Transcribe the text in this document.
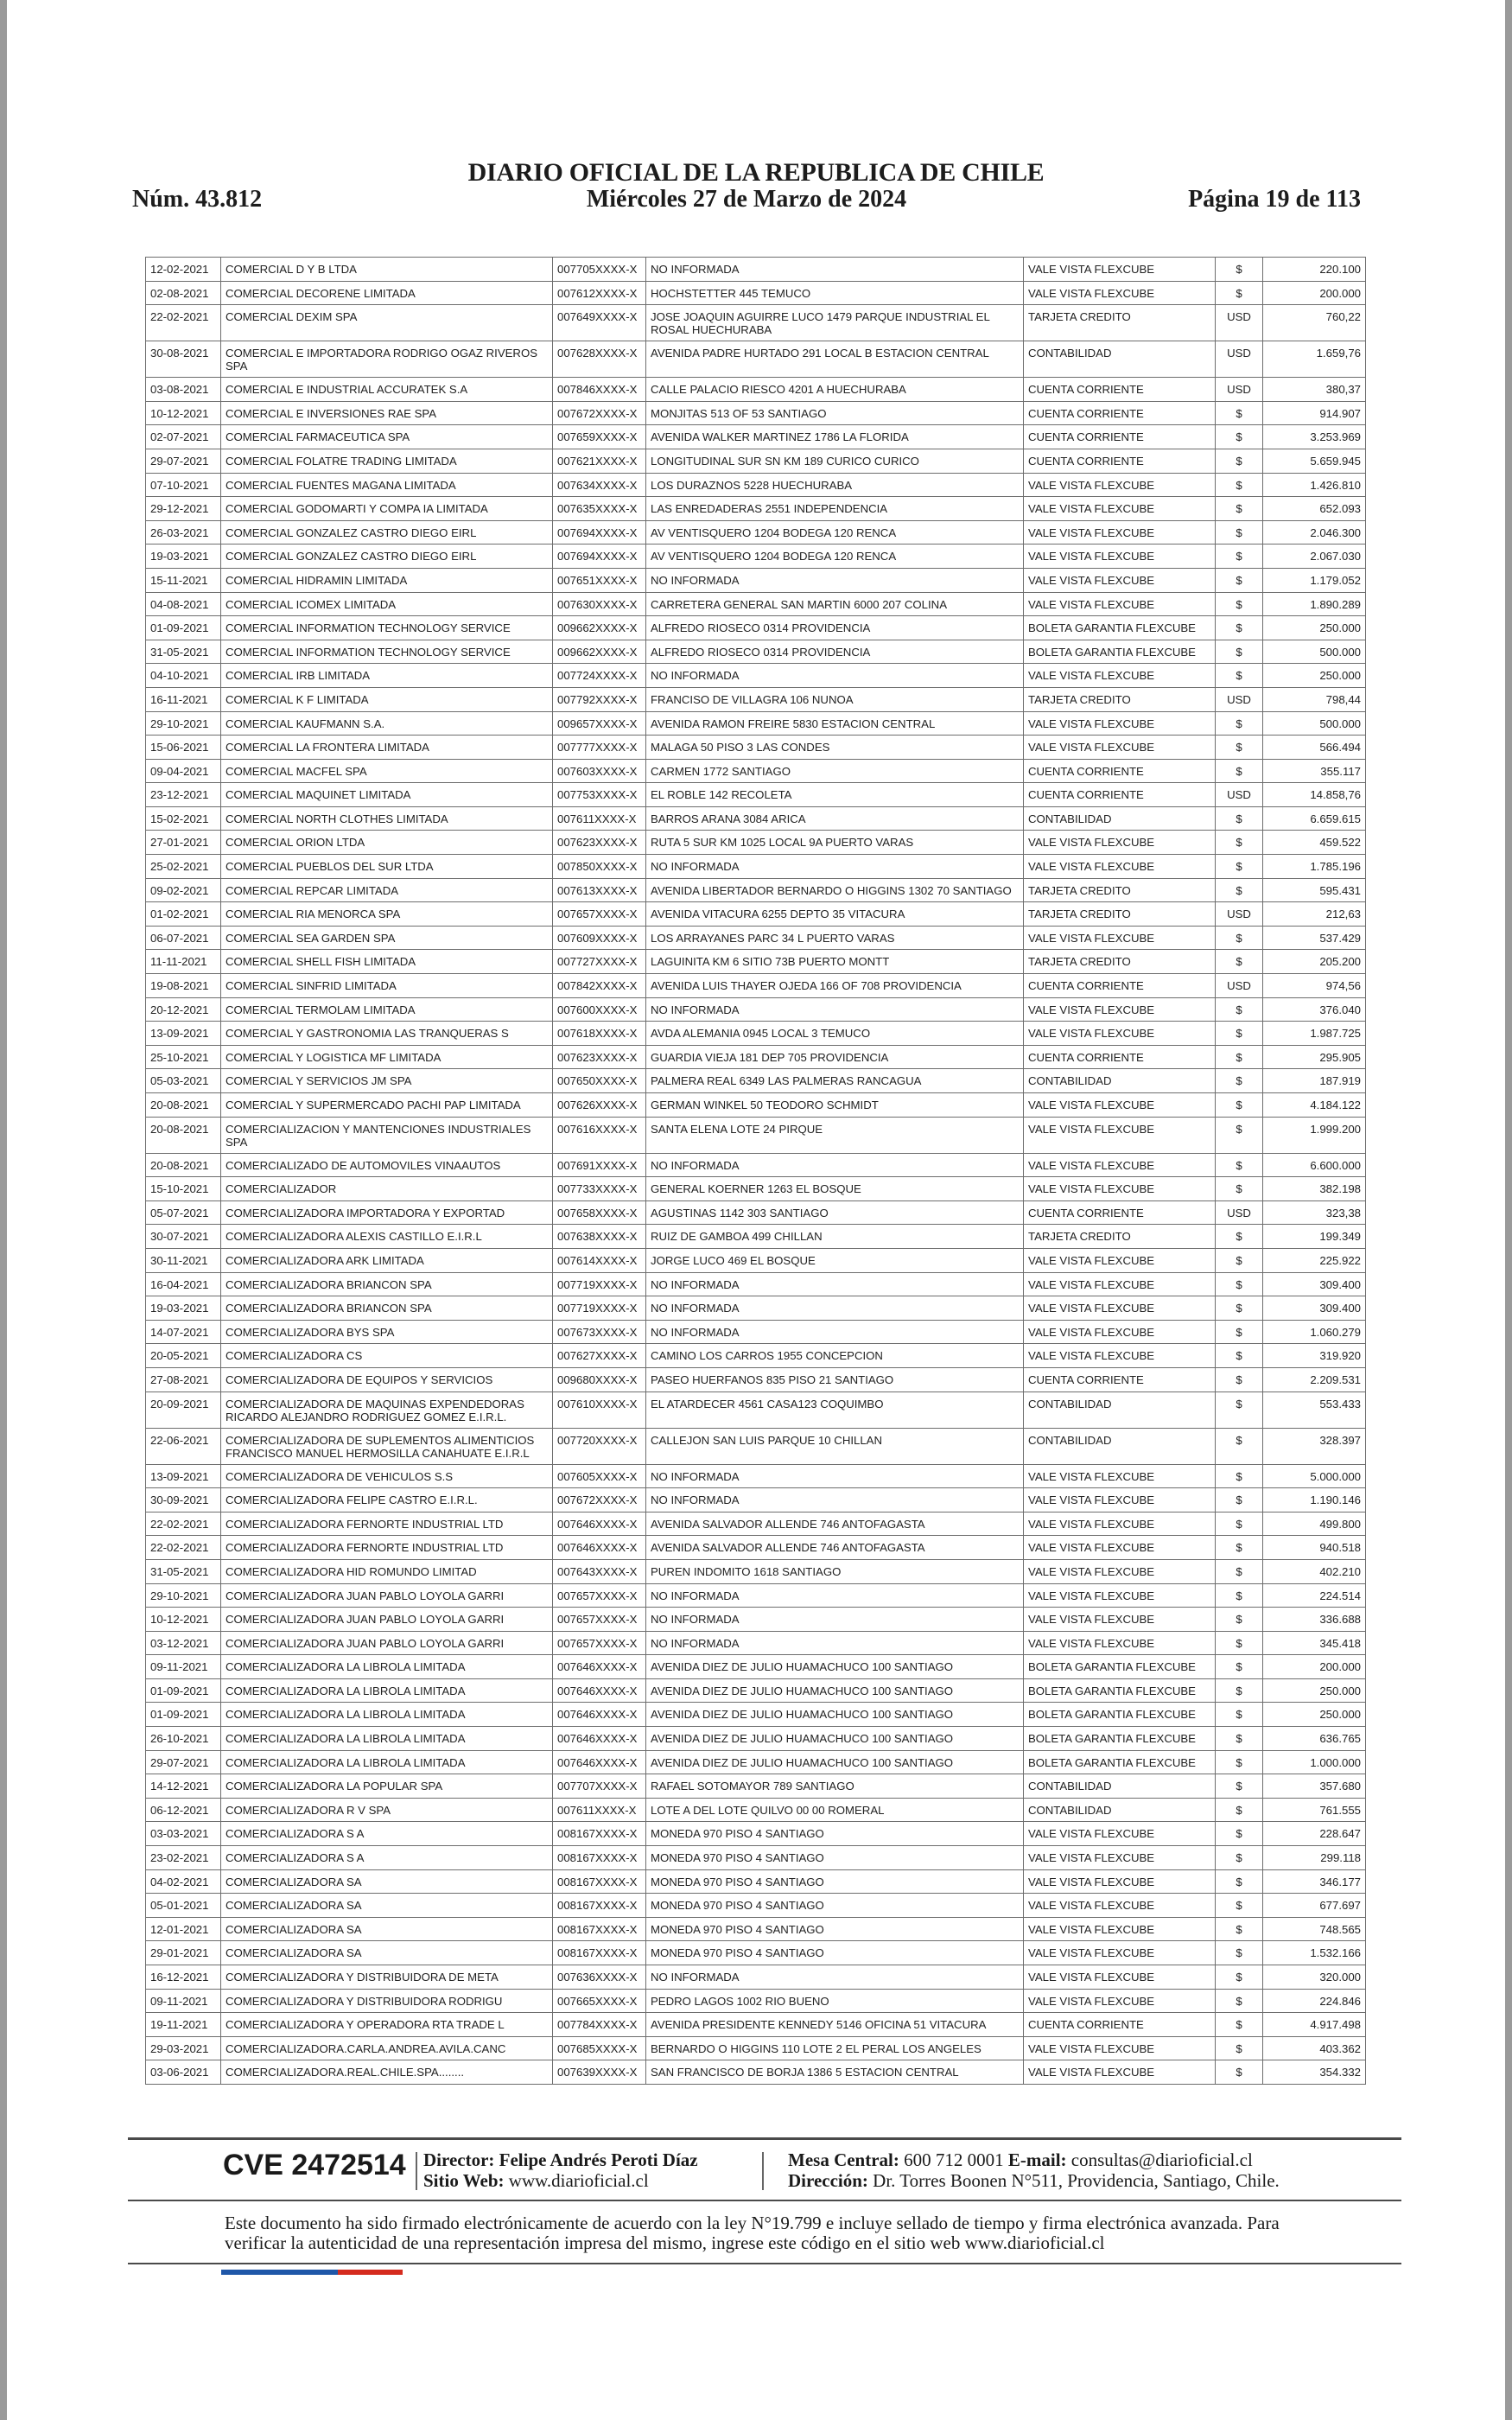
DIARIO OFICIAL DE LA REPUBLICA DE CHILE
Núm. 43.812	Miércoles 27 de Marzo de 2024	Página 19 de 113
12-02-2021	COMERCIAL D Y B LTDA	007705XXXX-X	NO INFORMADA	VALE VISTA FLEXCUBE	$	220.100
02-08-2021	COMERCIAL DECORENE LIMITADA	007612XXXX-X	HOCHSTETTER 445 TEMUCO	VALE VISTA FLEXCUBE	$	200.000
22-02-2021	COMERCIAL DEXIM SPA	007649XXXX-X	JOSE JOAQUIN AGUIRRE LUCO 1479 PARQUE INDUSTRIAL EL ROSAL HUECHURABA	TARJETA CREDITO	USD	760,22
30-08-2021	COMERCIAL E IMPORTADORA RODRIGO OGAZ RIVEROS SPA	007628XXXX-X	AVENIDA PADRE HURTADO 291 LOCAL B ESTACION CENTRAL	CONTABILIDAD	USD	1.659,76
03-08-2021	COMERCIAL E INDUSTRIAL ACCURATEK S.A	007846XXXX-X	CALLE PALACIO RIESCO 4201 A HUECHURABA	CUENTA CORRIENTE	USD	380,37
10-12-2021	COMERCIAL E INVERSIONES RAE SPA	007672XXXX-X	MONJITAS 513 OF 53 SANTIAGO	CUENTA CORRIENTE	$	914.907
02-07-2021	COMERCIAL FARMACEUTICA SPA	007659XXXX-X	AVENIDA WALKER MARTINEZ 1786 LA FLORIDA	CUENTA CORRIENTE	$	3.253.969
29-07-2021	COMERCIAL FOLATRE TRADING LIMITADA	007621XXXX-X	LONGITUDINAL SUR SN KM 189 CURICO CURICO	CUENTA CORRIENTE	$	5.659.945
07-10-2021	COMERCIAL FUENTES MAGANA LIMITADA	007634XXXX-X	LOS DURAZNOS 5228 HUECHURABA	VALE VISTA FLEXCUBE	$	1.426.810
29-12-2021	COMERCIAL GODOMARTI Y COMPA IA LIMITADA	007635XXXX-X	LAS ENREDADERAS 2551 INDEPENDENCIA	VALE VISTA FLEXCUBE	$	652.093
26-03-2021	COMERCIAL GONZALEZ CASTRO DIEGO EIRL	007694XXXX-X	AV VENTISQUERO 1204 BODEGA 120 RENCA	VALE VISTA FLEXCUBE	$	2.046.300
19-03-2021	COMERCIAL GONZALEZ CASTRO DIEGO EIRL	007694XXXX-X	AV VENTISQUERO 1204 BODEGA 120 RENCA	VALE VISTA FLEXCUBE	$	2.067.030
15-11-2021	COMERCIAL HIDRAMIN LIMITADA	007651XXXX-X	NO INFORMADA	VALE VISTA FLEXCUBE	$	1.179.052
04-08-2021	COMERCIAL ICOMEX LIMITADA	007630XXXX-X	CARRETERA GENERAL SAN MARTIN 6000 207 COLINA	VALE VISTA FLEXCUBE	$	1.890.289
01-09-2021	COMERCIAL INFORMATION TECHNOLOGY SERVICE	009662XXXX-X	ALFREDO RIOSECO 0314 PROVIDENCIA	BOLETA GARANTIA FLEXCUBE	$	250.000
31-05-2021	COMERCIAL INFORMATION TECHNOLOGY SERVICE	009662XXXX-X	ALFREDO RIOSECO 0314 PROVIDENCIA	BOLETA GARANTIA FLEXCUBE	$	500.000
04-10-2021	COMERCIAL IRB LIMITADA	007724XXXX-X	NO INFORMADA	VALE VISTA FLEXCUBE	$	250.000
16-11-2021	COMERCIAL K F LIMITADA	007792XXXX-X	FRANCISO DE VILLAGRA 106 NUNOA	TARJETA CREDITO	USD	798,44
29-10-2021	COMERCIAL KAUFMANN S.A.	009657XXXX-X	AVENIDA RAMON FREIRE 5830 ESTACION CENTRAL	VALE VISTA FLEXCUBE	$	500.000
15-06-2021	COMERCIAL LA FRONTERA LIMITADA	007777XXXX-X	MALAGA 50 PISO 3 LAS CONDES	VALE VISTA FLEXCUBE	$	566.494
09-04-2021	COMERCIAL MACFEL SPA	007603XXXX-X	CARMEN 1772 SANTIAGO	CUENTA CORRIENTE	$	355.117
23-12-2021	COMERCIAL MAQUINET LIMITADA	007753XXXX-X	EL ROBLE 142 RECOLETA	CUENTA CORRIENTE	USD	14.858,76
15-02-2021	COMERCIAL NORTH CLOTHES LIMITADA	007611XXXX-X	BARROS ARANA 3084 ARICA	CONTABILIDAD	$	6.659.615
27-01-2021	COMERCIAL ORION LTDA	007623XXXX-X	RUTA 5 SUR KM 1025 LOCAL 9A PUERTO VARAS	VALE VISTA FLEXCUBE	$	459.522
25-02-2021	COMERCIAL PUEBLOS DEL SUR LTDA	007850XXXX-X	NO INFORMADA	VALE VISTA FLEXCUBE	$	1.785.196
09-02-2021	COMERCIAL REPCAR LIMITADA	007613XXXX-X	AVENIDA LIBERTADOR BERNARDO O HIGGINS 1302 70 SANTIAGO	TARJETA CREDITO	$	595.431
01-02-2021	COMERCIAL RIA MENORCA SPA	007657XXXX-X	AVENIDA VITACURA 6255 DEPTO 35 VITACURA	TARJETA CREDITO	USD	212,63
06-07-2021	COMERCIAL SEA GARDEN SPA	007609XXXX-X	LOS ARRAYANES PARC 34 L PUERTO VARAS	VALE VISTA FLEXCUBE	$	537.429
11-11-2021	COMERCIAL SHELL FISH LIMITADA	007727XXXX-X	LAGUINITA KM 6 SITIO 73B PUERTO MONTT	TARJETA CREDITO	$	205.200
19-08-2021	COMERCIAL SINFRID LIMITADA	007842XXXX-X	AVENIDA LUIS THAYER OJEDA 166 OF 708 PROVIDENCIA	CUENTA CORRIENTE	USD	974,56
20-12-2021	COMERCIAL TERMOLAM LIMITADA	007600XXXX-X	NO INFORMADA	VALE VISTA FLEXCUBE	$	376.040
13-09-2021	COMERCIAL Y GASTRONOMIA LAS TRANQUERAS S	007618XXXX-X	AVDA ALEMANIA 0945 LOCAL 3 TEMUCO	VALE VISTA FLEXCUBE	$	1.987.725
25-10-2021	COMERCIAL Y LOGISTICA MF LIMITADA	007623XXXX-X	GUARDIA VIEJA 181 DEP 705 PROVIDENCIA	CUENTA CORRIENTE	$	295.905
05-03-2021	COMERCIAL Y SERVICIOS JM SPA	007650XXXX-X	PALMERA REAL 6349 LAS PALMERAS RANCAGUA	CONTABILIDAD	$	187.919
20-08-2021	COMERCIAL Y SUPERMERCADO PACHI PAP LIMITADA	007626XXXX-X	GERMAN WINKEL 50 TEODORO SCHMIDT	VALE VISTA FLEXCUBE	$	4.184.122
20-08-2021	COMERCIALIZACION Y MANTENCIONES INDUSTRIALES SPA	007616XXXX-X	SANTA ELENA LOTE 24 PIRQUE	VALE VISTA FLEXCUBE	$	1.999.200
20-08-2021	COMERCIALIZADO DE AUTOMOVILES VINAAUTOS	007691XXXX-X	NO INFORMADA	VALE VISTA FLEXCUBE	$	6.600.000
15-10-2021	COMERCIALIZADOR	007733XXXX-X	GENERAL KOERNER 1263 EL BOSQUE	VALE VISTA FLEXCUBE	$	382.198
05-07-2021	COMERCIALIZADORA IMPORTADORA Y EXPORTAD	007658XXXX-X	AGUSTINAS 1142 303 SANTIAGO	CUENTA CORRIENTE	USD	323,38
30-07-2021	COMERCIALIZADORA ALEXIS CASTILLO E.I.R.L	007638XXXX-X	RUIZ DE GAMBOA 499 CHILLAN	TARJETA CREDITO	$	199.349
30-11-2021	COMERCIALIZADORA ARK LIMITADA	007614XXXX-X	JORGE LUCO 469 EL BOSQUE	VALE VISTA FLEXCUBE	$	225.922
16-04-2021	COMERCIALIZADORA BRIANCON SPA	007719XXXX-X	NO INFORMADA	VALE VISTA FLEXCUBE	$	309.400
19-03-2021	COMERCIALIZADORA BRIANCON SPA	007719XXXX-X	NO INFORMADA	VALE VISTA FLEXCUBE	$	309.400
14-07-2021	COMERCIALIZADORA BYS SPA	007673XXXX-X	NO INFORMADA	VALE VISTA FLEXCUBE	$	1.060.279
20-05-2021	COMERCIALIZADORA CS	007627XXXX-X	CAMINO LOS CARROS 1955 CONCEPCION	VALE VISTA FLEXCUBE	$	319.920
27-08-2021	COMERCIALIZADORA DE EQUIPOS Y SERVICIOS	009680XXXX-X	PASEO HUERFANOS 835 PISO 21 SANTIAGO	CUENTA CORRIENTE	$	2.209.531
20-09-2021	COMERCIALIZADORA DE MAQUINAS EXPENDEDORAS RICARDO ALEJANDRO RODRIGUEZ GOMEZ E.I.R.L.	007610XXXX-X	EL ATARDECER 4561 CASA123 COQUIMBO	CONTABILIDAD	$	553.433
22-06-2021	COMERCIALIZADORA DE SUPLEMENTOS ALIMENTICIOS FRANCISCO MANUEL HERMOSILLA CANAHUATE E.I.R.L	007720XXXX-X	CALLEJON SAN LUIS PARQUE 10 CHILLAN	CONTABILIDAD	$	328.397
13-09-2021	COMERCIALIZADORA DE VEHICULOS S.S	007605XXXX-X	NO INFORMADA	VALE VISTA FLEXCUBE	$	5.000.000
30-09-2021	COMERCIALIZADORA FELIPE CASTRO E.I.R.L.	007672XXXX-X	NO INFORMADA	VALE VISTA FLEXCUBE	$	1.190.146
22-02-2021	COMERCIALIZADORA FERNORTE INDUSTRIAL LTD	007646XXXX-X	AVENIDA SALVADOR ALLENDE 746 ANTOFAGASTA	VALE VISTA FLEXCUBE	$	499.800
22-02-2021	COMERCIALIZADORA FERNORTE INDUSTRIAL LTD	007646XXXX-X	AVENIDA SALVADOR ALLENDE 746 ANTOFAGASTA	VALE VISTA FLEXCUBE	$	940.518
31-05-2021	COMERCIALIZADORA HID ROMUNDO LIMITAD	007643XXXX-X	PUREN INDOMITO 1618 SANTIAGO	VALE VISTA FLEXCUBE	$	402.210
29-10-2021	COMERCIALIZADORA JUAN PABLO LOYOLA GARRI	007657XXXX-X	NO INFORMADA	VALE VISTA FLEXCUBE	$	224.514
10-12-2021	COMERCIALIZADORA JUAN PABLO LOYOLA GARRI	007657XXXX-X	NO INFORMADA	VALE VISTA FLEXCUBE	$	336.688
03-12-2021	COMERCIALIZADORA JUAN PABLO LOYOLA GARRI	007657XXXX-X	NO INFORMADA	VALE VISTA FLEXCUBE	$	345.418
09-11-2021	COMERCIALIZADORA LA LIBROLA LIMITADA	007646XXXX-X	AVENIDA DIEZ DE JULIO HUAMACHUCO 100 SANTIAGO	BOLETA GARANTIA FLEXCUBE	$	200.000
01-09-2021	COMERCIALIZADORA LA LIBROLA LIMITADA	007646XXXX-X	AVENIDA DIEZ DE JULIO HUAMACHUCO 100 SANTIAGO	BOLETA GARANTIA FLEXCUBE	$	250.000
01-09-2021	COMERCIALIZADORA LA LIBROLA LIMITADA	007646XXXX-X	AVENIDA DIEZ DE JULIO HUAMACHUCO 100 SANTIAGO	BOLETA GARANTIA FLEXCUBE	$	250.000
26-10-2021	COMERCIALIZADORA LA LIBROLA LIMITADA	007646XXXX-X	AVENIDA DIEZ DE JULIO HUAMACHUCO 100 SANTIAGO	BOLETA GARANTIA FLEXCUBE	$	636.765
29-07-2021	COMERCIALIZADORA LA LIBROLA LIMITADA	007646XXXX-X	AVENIDA DIEZ DE JULIO HUAMACHUCO 100 SANTIAGO	BOLETA GARANTIA FLEXCUBE	$	1.000.000
14-12-2021	COMERCIALIZADORA LA POPULAR SPA	007707XXXX-X	RAFAEL SOTOMAYOR 789 SANTIAGO	CONTABILIDAD	$	357.680
06-12-2021	COMERCIALIZADORA R V SPA	007611XXXX-X	LOTE A DEL LOTE QUILVO 00 00 ROMERAL	CONTABILIDAD	$	761.555
03-03-2021	COMERCIALIZADORA S A	008167XXXX-X	MONEDA 970 PISO 4 SANTIAGO	VALE VISTA FLEXCUBE	$	228.647
23-02-2021	COMERCIALIZADORA S A	008167XXXX-X	MONEDA 970 PISO 4 SANTIAGO	VALE VISTA FLEXCUBE	$	299.118
04-02-2021	COMERCIALIZADORA SA	008167XXXX-X	MONEDA 970 PISO 4 SANTIAGO	VALE VISTA FLEXCUBE	$	346.177
05-01-2021	COMERCIALIZADORA SA	008167XXXX-X	MONEDA 970 PISO 4 SANTIAGO	VALE VISTA FLEXCUBE	$	677.697
12-01-2021	COMERCIALIZADORA SA	008167XXXX-X	MONEDA 970 PISO 4 SANTIAGO	VALE VISTA FLEXCUBE	$	748.565
29-01-2021	COMERCIALIZADORA SA	008167XXXX-X	MONEDA 970 PISO 4 SANTIAGO	VALE VISTA FLEXCUBE	$	1.532.166
16-12-2021	COMERCIALIZADORA Y DISTRIBUIDORA DE META	007636XXXX-X	NO INFORMADA	VALE VISTA FLEXCUBE	$	320.000
09-11-2021	COMERCIALIZADORA Y DISTRIBUIDORA RODRIGU	007665XXXX-X	PEDRO LAGOS 1002 RIO BUENO	VALE VISTA FLEXCUBE	$	224.846
19-11-2021	COMERCIALIZADORA Y OPERADORA RTA TRADE L	007784XXXX-X	AVENIDA PRESIDENTE KENNEDY 5146 OFICINA 51 VITACURA	CUENTA CORRIENTE	$	4.917.498
29-03-2021	COMERCIALIZADORA.CARLA.ANDREA.AVILA.CANC	007685XXXX-X	BERNARDO O HIGGINS 110 LOTE 2 EL PERAL LOS ANGELES	VALE VISTA FLEXCUBE	$	403.362
03-06-2021	COMERCIALIZADORA.REAL.CHILE.SPA........	007639XXXX-X	SAN FRANCISCO DE BORJA 1386 5 ESTACION CENTRAL	VALE VISTA FLEXCUBE	$	354.332
CVE 2472514 Director: Felipe Andrés Peroti Díaz
Sitio Web: www.diarioficial.cl
Mesa Central: 600 712 0001 E-mail: consultas@diarioficial.cl
Dirección: Dr. Torres Boonen N°511, Providencia, Santiago, Chile.
Este documento ha sido firmado electrónicamente de acuerdo con la ley N°19.799 e incluye sellado de tiempo y firma electrónica avanzada. Para verificar la autenticidad de una representación impresa del mismo, ingrese este código en el sitio web www.diarioficial.cl
